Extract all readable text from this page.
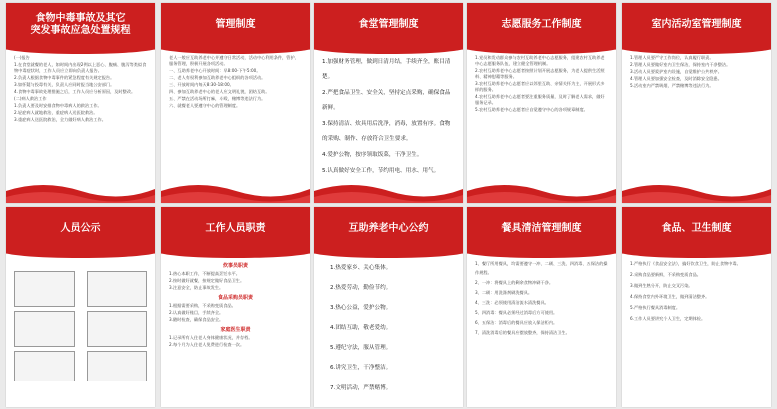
食物中毒事故及其它
突发事故应急处置规程

(一)报告

1.在食堂就餐的老人，如时间内出现2例以上恶心、腹痛、腹泻等类似食物中毒症状时，工作人员应立即向负责人报告。

2.负责人根据食物中毒事件的紧急程度有关规定报告。

3.如怀疑与投毒有关，负责人应同时报当地公安部门。

4.食物中毒事故处理措施之后，工作人员应分析原因，及时整改。

(二)病人救治工作

1.负责人要及时安排食物中毒病人的救治工作。

2.轻症病人就地救治，重症病人送医院救治。

3.重症病人送医院救治，全力做好病人救治工作。

管理制度

老人一般应互助养老中心并遵守日常活动，活动中心利用条件，管护、服务管理，积极开展各项活动。

一、互助养老中心开放时间：早8:00-下午5:00。

二、老人有权利参加互助养老中心组织的各项活动。

三、开放时间内每天8:30-18:00。

四、参加互助养老中心的老人应文明礼貌，团结互助。

五、严禁在活动场所打麻，斗殴，赌博等违法行为。

六、就餐老人要遵守中心的管理制度。

食堂管理制度

1.加强财务管理，做到日清月结，手续齐全，账目清楚。

2.严把食品卫生、安全关，坚持定点采购，确保食品新鲜。

3.保持清洁、炊具用后洗净，消毒，放置有序。食物的采购、制作、存放符合卫生要求。

4.爱护公物，按序领取饭菜，干净卫生。

5.认真做好安全工作，节约用电、用水、用气。

志愿服务工作制度

1.党员和发动群众参与农村互助养老中心志愿服务，组建农村互助养老中心志愿服务队伍，建立健全管理机制。

2.农村互助养老中心志愿者按照计划开展志愿服务，为老人提供生活照料、精神慰藉等服务。

3.农村互助养老中心志愿者应以邻里互助、亲情关怀为主，开展形式多样的服务。

4.农村互助养老中心志愿者要注重服务质量，及时了解老人需求，做好服务记录。

5.农村互助养老中心志愿者应自觉遵守中心的各项规章制度。

室内活动室管理制度

1.管理人员要严守工作岗位，认真履行职责。

2.管理人员要做好室内卫生保洁，保持室内干净整洁。

3.活动人员要爱护室内设施，自觉维护公共秩序。

4.管理人员要加强安全检查，及时消除安全隐患。

5.活动室内严禁吸烟，严禁赌博等违法行为。

人员公示	工作人员职责

炊事员职责

1.热心本职工作，不断提高烹饪水平。

2.按时做好就餐，按规定做好食品卫生。

3.注意安全，防止事故发生。

食品采购员职责

1.根据需要采购，不采购变质食品。

2.认真做好账目，手续齐全。

3.随时检查，确保食品安全。

家庭医生职责

1.记录所有入住老人身体健康状况，并存档。

2.每个月为入住老人免费进行检查一次。

互助养老中心公约

1.热爱家乡、关心集体。

2.热爱劳动，勤俭节约。

3.热心公益，爱护公物。

4.团结互助，敬老爱幼。

5.遵纪守法，服从管理。

6.讲究卫生，干净整洁。

7.文明活动，严禁赌博。

餐具清洁管理制度

1、餐厅所用餐具，均需要遵守一冲、二刷、三洗、四消毒、五保洁的操作规程。

2、一冲：将餐具上的剩余食物冲刷干净。

3、二刷：用洗涤剂刷洗餐具。

4、三洗：必须使用清洁流水清洗餐具。

5、四消毒：餐具必须经过消毒后方可使用。

6、五保洁：消毒后的餐具应放入保洁柜内。

7、清洗消毒后的餐具应摆放整齐，保持清洁卫生。

食品、卫生制度

1.严格执行《食品安全法》，搞好饮食卫生，防止食物中毒。

2.采购食品要新鲜，不采购变质食品。

3.做到生熟分开，防止交叉污染。

4.保持食堂内外环境卫生，做到清洁整齐。

5.严格执行餐具消毒制度。

6.工作人员要讲究个人卫生，定期体检。
